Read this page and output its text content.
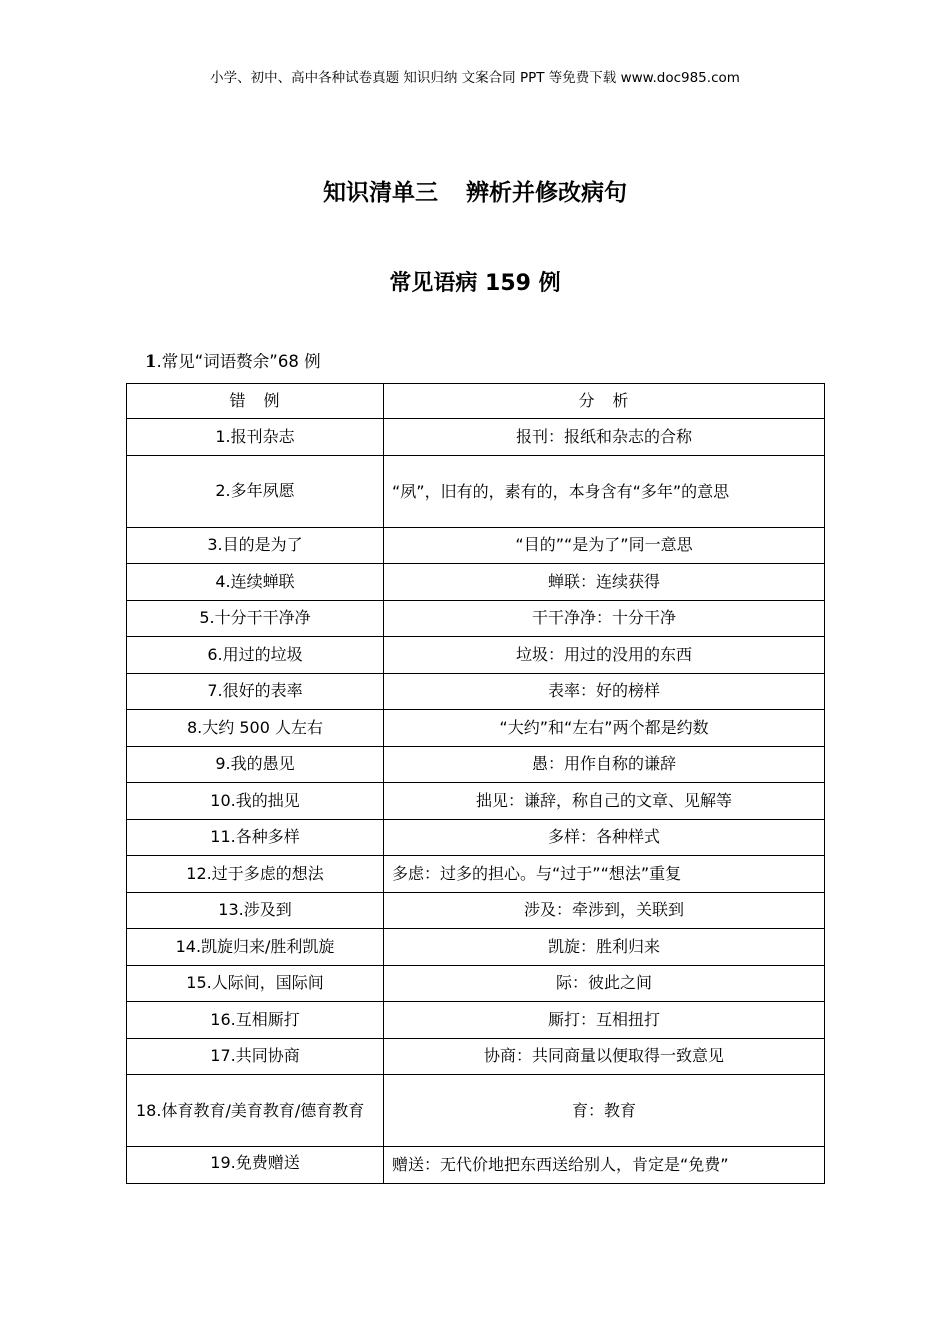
小学、初中、高中各种试卷真题 知识归纳 文案合同 PPT 等免费下载 www.doc985.com
知识清单三 辨析并修改病句
常见语病 159 例
1.常见“词语赘余”68 例
错　例	分　析
1.报刊杂志	报刊：报纸和杂志的合称
2.多年夙愿	“夙”，旧有的，素有的，本身含有“多年”的意思
3.目的是为了	“目的”“是为了”同一意思
4.连续蝉联	蝉联：连续获得
5.十分干干净净	干干净净：十分干净
6.用过的垃圾	垃圾：用过的没用的东西
7.很好的表率	表率：好的榜样
8.大约 500 人左右	“大约”和“左右”两个都是约数
9.我的愚见	愚：用作自称的谦辞
10.我的拙见	拙见：谦辞，称自己的文章、见解等
11.各种多样	多样：各种样式
12.过于多虑的想法	多虑：过多的担心。与“过于”“想法”重复
13.涉及到	涉及：牵涉到，关联到
14.凯旋归来/胜利凯旋	凯旋：胜利归来
15.人际间，国际间	际：彼此之间
16.互相厮打	厮打：互相扭打
17.共同协商	协商：共同商量以便取得一致意见
18.体育教育/美育教育/德育教育	育：教育
19.免费赠送	赠送：无代价地把东西送给别人，肯定是“免费”
